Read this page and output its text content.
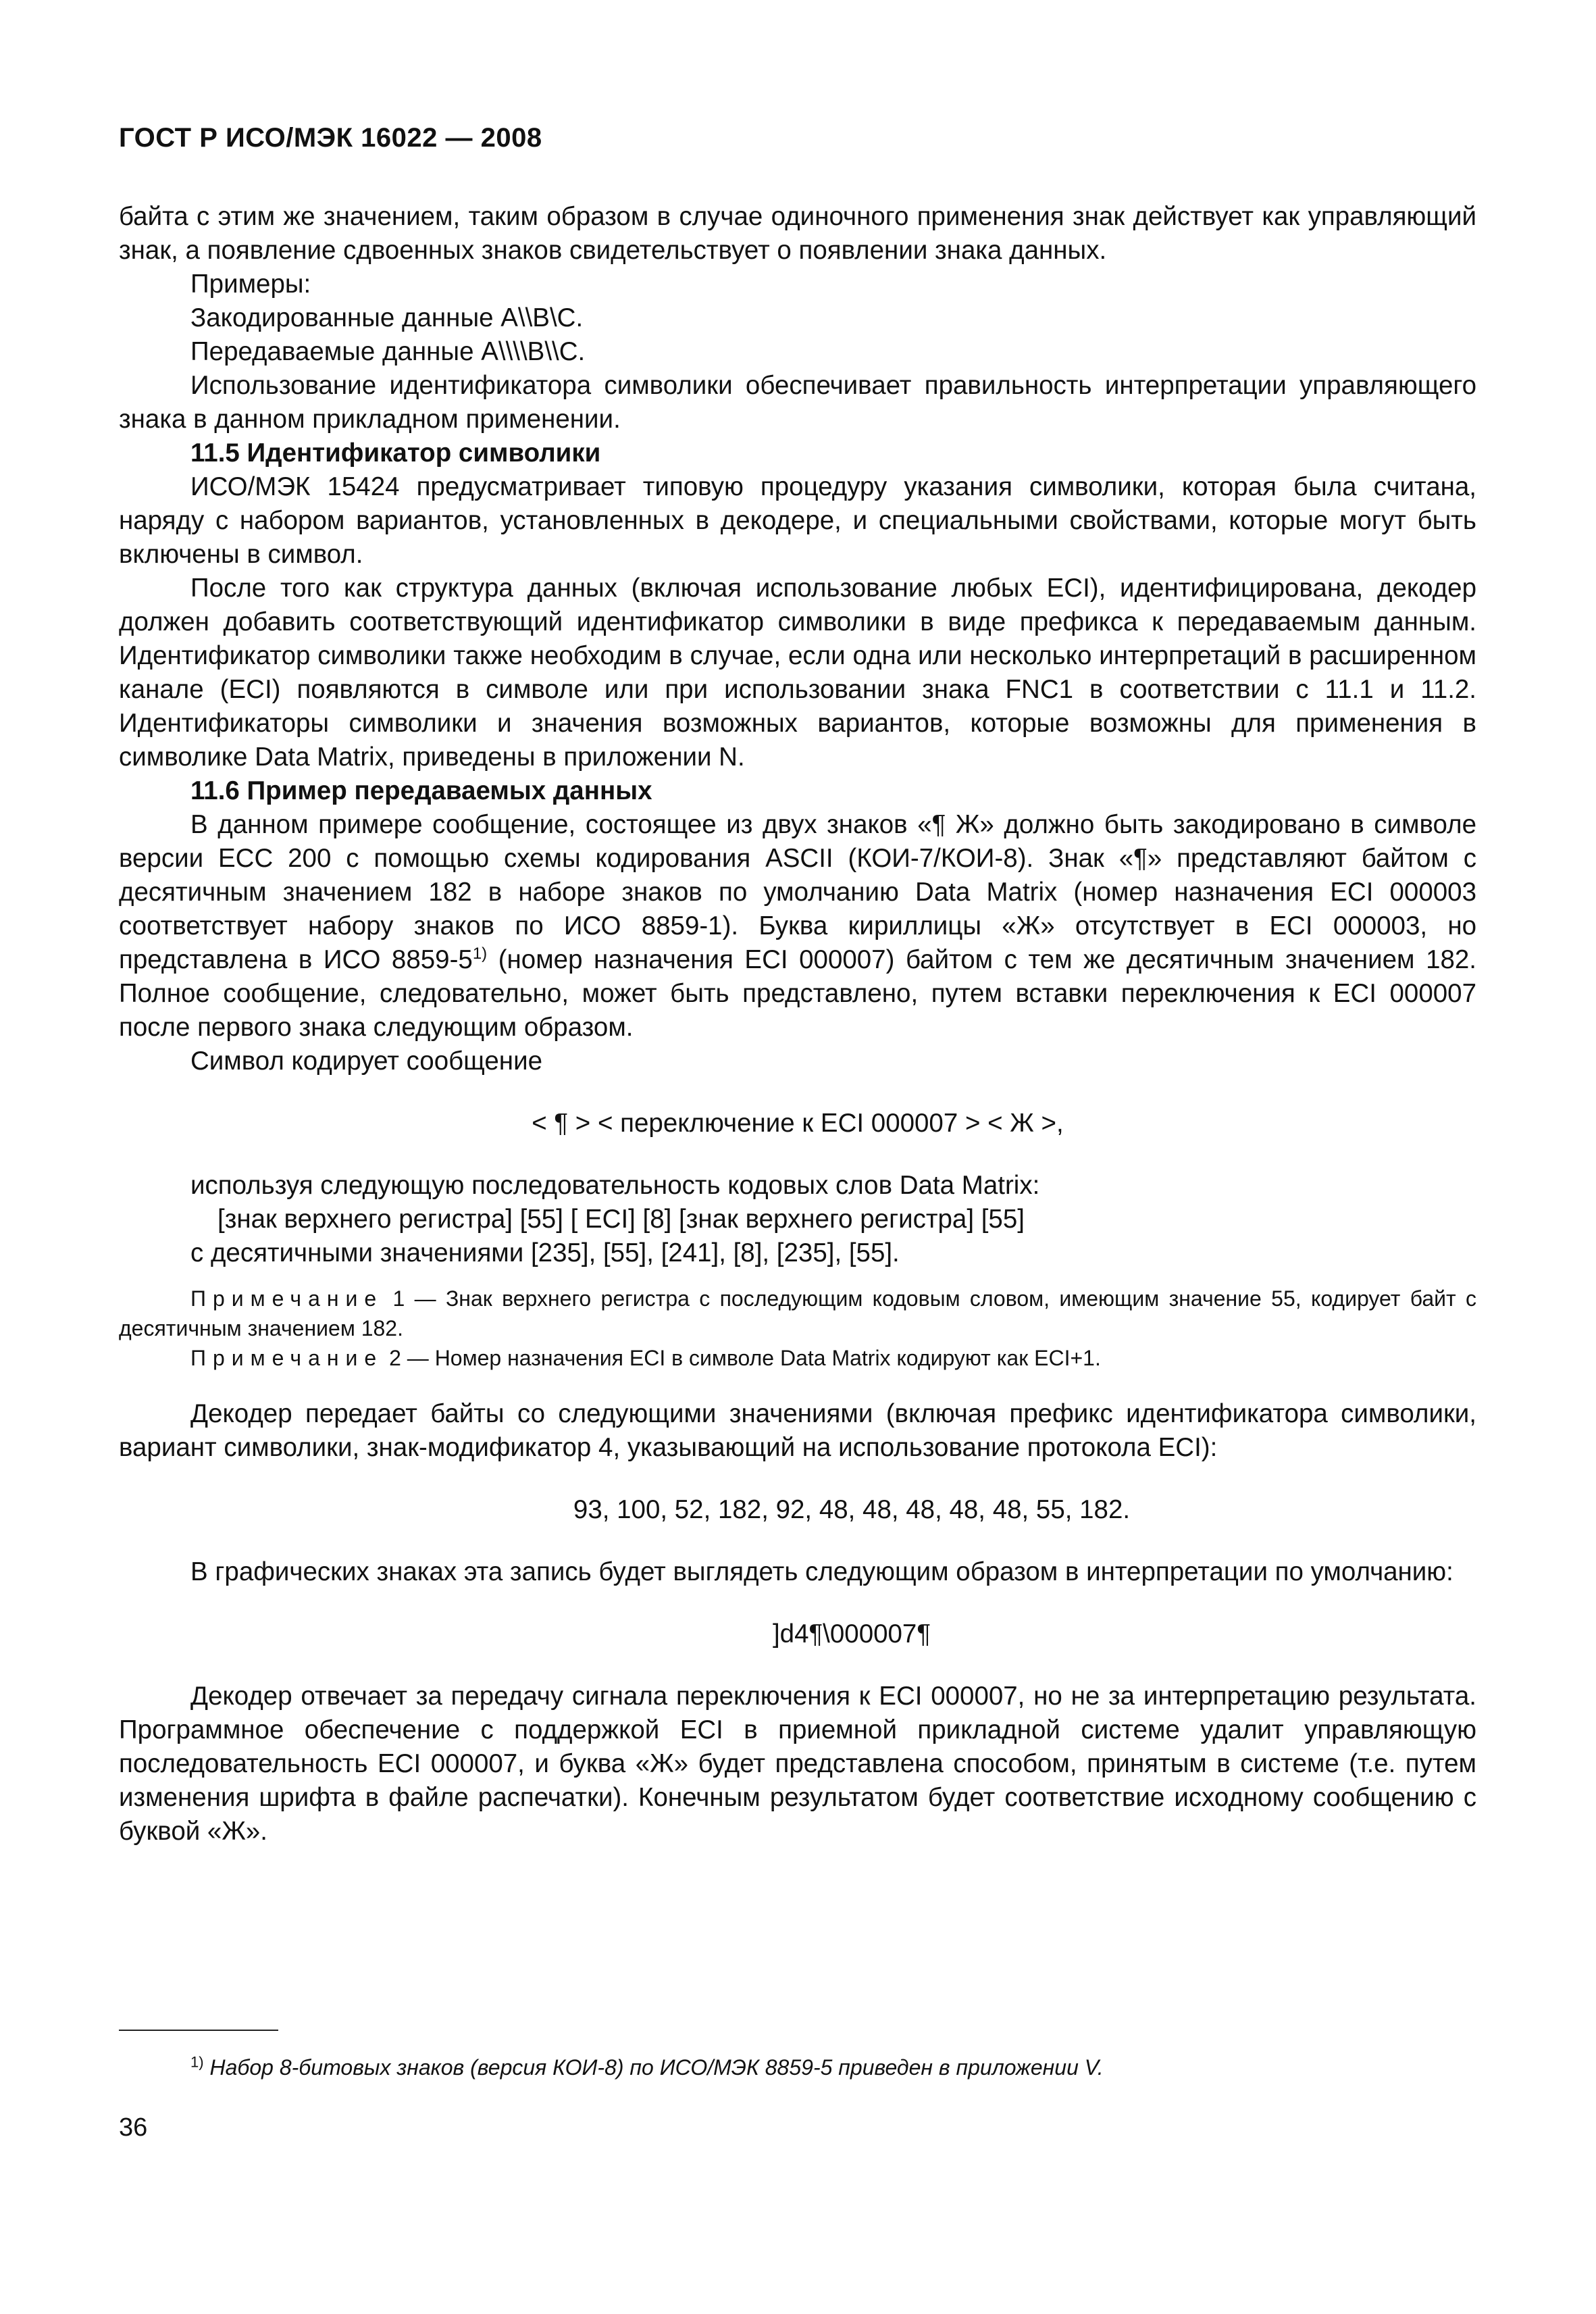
ГОСТ Р ИСО/МЭК 16022 — 2008

байта с этим же значением, таким образом в случае одиночного применения знак действует как управляющий знак, а появление сдвоенных знаков свидетельствует о появлении знака данных.

Примеры:

Закодированные данные A\\B\C.

Передаваемые данные A\\\\B\\C.

Использование идентификатора символики обеспечивает правильность интерпретации управляющего знака в данном прикладном применении.

11.5 Идентификатор символики

ИСО/МЭК 15424 предусматривает типовую процедуру указания символики, которая была считана, наряду с набором вариантов, установленных в декодере, и специальными свойствами, которые могут быть включены в символ.

После того как структура данных (включая использование любых ECI), идентифицирована, декодер должен добавить соответствующий идентификатор символики в виде префикса к передаваемым данным. Идентификатор символики также необходим в случае, если одна или несколько интерпретаций в расширенном канале (ECI) появляются в символе или при использовании знака FNC1 в соответствии с 11.1 и 11.2. Идентификаторы символики и значения возможных вариантов, которые возможны для применения в символике Data Matrix, приведены в приложении N.

11.6 Пример передаваемых данных

В данном примере сообщение, состоящее из двух знаков «¶ Ж» должно быть закодировано в символе версии ECC 200 с помощью схемы кодирования ASCII (КОИ-7/КОИ-8). Знак «¶» представляют байтом с десятичным значением 182 в наборе знаков по умолчанию Data Matrix (номер назначения ECI 000003 соответствует набору знаков по ИСО 8859-1). Буква кириллицы «Ж» отсутствует в ECI 000003, но представлена в ИСО 8859-5$^{1)}$ (номер назначения ECI 000007) байтом с тем же десятичным значением 182. Полное сообщение, следовательно, может быть представлено, путем вставки переключения к ECI 000007 после первого знака следующим образом.

Символ кодирует сообщение

< ¶ > < переключение к ECI 000007 > < Ж >,

используя следующую последовательность кодовых слов Data Matrix:

[знак верхнего регистра] [55] [ ECI] [8] [знак верхнего регистра] [55]

с десятичными значениями [235], [55], [241], [8], [235], [55].

Примечание 1 — Знак верхнего регистра с последующим кодовым словом, имеющим значение 55, кодирует байт с десятичным значением 182.

Примечание 2 — Номер назначения ECI в символе Data Matrix кодируют как ECI+1.

Декодер передает байты со следующими значениями (включая префикс идентификатора символики, вариант символики, знак-модификатор 4, указывающий на использование протокола ECI):

93, 100, 52, 182, 92, 48, 48, 48, 48, 48, 55, 182.

В графических знаках эта запись будет выглядеть следующим образом в интерпретации по умолчанию:

]d4¶\000007¶

Декодер отвечает за передачу сигнала переключения к ECI 000007, но не за интерпретацию результата. Программное обеспечение с поддержкой ECI в приемной прикладной системе удалит управляющую последовательность ECI 000007, и буква «Ж» будет представлена способом, принятым в системе (т.е. путем изменения шрифта в файле распечатки). Конечным результатом будет соответствие исходному сообщению с буквой «Ж».

$^{1)}$ Набор 8-битовых знаков (версия КОИ-8) по ИСО/МЭК 8859-5 приведен в приложении V.
36
